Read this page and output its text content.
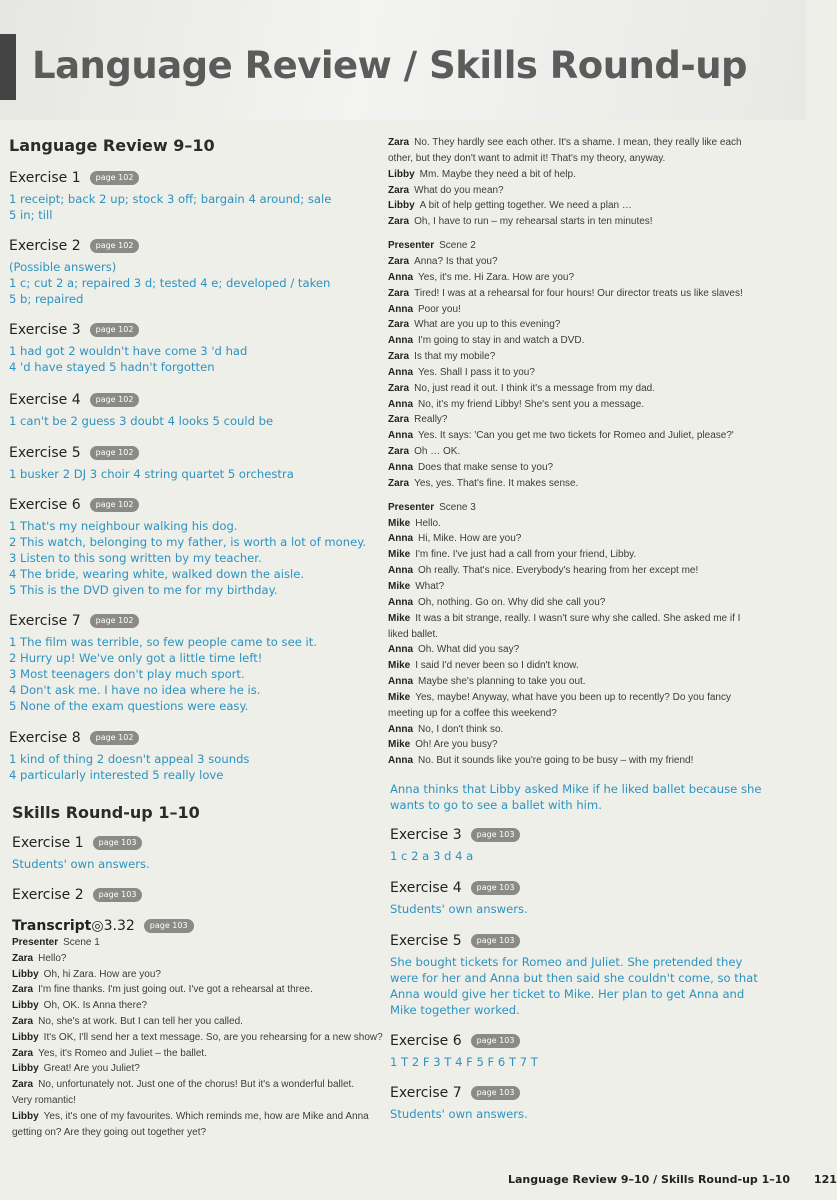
Language Review / Skills Round-up
Language Review 9–10
Exercise 1	page 102
1 receipt; back 2 up; stock 3 off; bargain 4 around; sale
5 in; till
Exercise 2	page 102
(Possible answers)
1 c; cut 2 a; repaired 3 d; tested 4 e; developed / taken
5 b; repaired
Exercise 3	page 102
1 had got 2 wouldn't have come 3 'd had
4 'd have stayed 5 hadn't forgotten
Exercise 4	page 102
1 can't be 2 guess 3 doubt 4 looks 5 could be
Exercise 5	page 102
1 busker 2 DJ 3 choir 4 string quartet 5 orchestra
Exercise 6	page 102
1 That's my neighbour walking his dog.
2 This watch, belonging to my father, is worth a lot of money.
3 Listen to this song written by my teacher.
4 The bride, wearing white, walked down the aisle.
5 This is the DVD given to me for my birthday.
Exercise 7	page 102
1 The film was terrible, so few people came to see it.
2 Hurry up! We've only got a little time left!
3 Most teenagers don't play much sport.
4 Don't ask me. I have no idea where he is.
5 None of the exam questions were easy.
Exercise 8	page 102
1 kind of thing 2 doesn't appeal 3 sounds
4 particularly interested 5 really love
Skills Round-up 1–10
Exercise 1	page 103
Students' own answers.
Exercise 2	page 103
Transcript ◎ 3.32	page 103
Presenter Scene 1
Zara Hello?
Libby Oh, hi Zara. How are you?
Zara I'm fine thanks. I'm just going out. I've got a rehearsal at three.
Libby Oh, OK. Is Anna there?
Zara No, she's at work. But I can tell her you called.
Libby It's OK, I'll send her a text message. So, are you rehearsing for a new show?
Zara Yes, it's Romeo and Juliet – the ballet.
Libby Great! Are you Juliet?
Zara No, unfortunately not. Just one of the chorus! But it's a wonderful ballet.
Very romantic!
Libby Yes, it's one of my favourites. Which reminds me, how are Mike and Anna
getting on? Are they going out together yet?
Zara No. They hardly see each other. It's a shame. I mean, they really like each
other, but they don't want to admit it! That's my theory, anyway.
Libby Mm. Maybe they need a bit of help.
Zara What do you mean?
Libby A bit of help getting together. We need a plan …
Zara Oh, I have to run – my rehearsal starts in ten minutes!
Presenter Scene 2
Zara Anna? Is that you?
Anna Yes, it's me. Hi Zara. How are you?
Zara Tired! I was at a rehearsal for four hours! Our director treats us like slaves!
Anna Poor you!
Zara What are you up to this evening?
Anna I'm going to stay in and watch a DVD.
Zara Is that my mobile?
Anna Yes. Shall I pass it to you?
Zara No, just read it out. I think it's a message from my dad.
Anna No, it's my friend Libby! She's sent you a message.
Zara Really?
Anna Yes. It says: 'Can you get me two tickets for Romeo and Juliet, please?'
Zara Oh … OK.
Anna Does that make sense to you?
Zara Yes, yes. That's fine. It makes sense.
Presenter Scene 3
Mike Hello.
Anna Hi, Mike. How are you?
Mike I'm fine. I've just had a call from your friend, Libby.
Anna Oh really. That's nice. Everybody's hearing from her except me!
Mike What?
Anna Oh, nothing. Go on. Why did she call you?
Mike It was a bit strange, really. I wasn't sure why she called. She asked me if I
liked ballet.
Anna Oh. What did you say?
Mike I said I'd never been so I didn't know.
Anna Maybe she's planning to take you out.
Mike Yes, maybe! Anyway, what have you been up to recently? Do you fancy
meeting up for a coffee this weekend?
Anna No, I don't think so.
Mike Oh! Are you busy?
Anna No. But it sounds like you're going to be busy – with my friend!
Anna thinks that Libby asked Mike if he liked ballet because she
wants to go to see a ballet with him.
Exercise 3	page 103
1 c 2 a 3 d 4 a
Exercise 4	page 103
Students' own answers.
Exercise 5	page 103
She bought tickets for Romeo and Juliet. She pretended they
were for her and Anna but then said she couldn't come, so that
Anna would give her ticket to Mike. Her plan to get Anna and
Mike together worked.
Exercise 6	page 103
1 T 2 F 3 T 4 F 5 F 6 T 7 T
Exercise 7	page 103
Students' own answers.
Language Review 9–10 / Skills Round-up 1–10 121
